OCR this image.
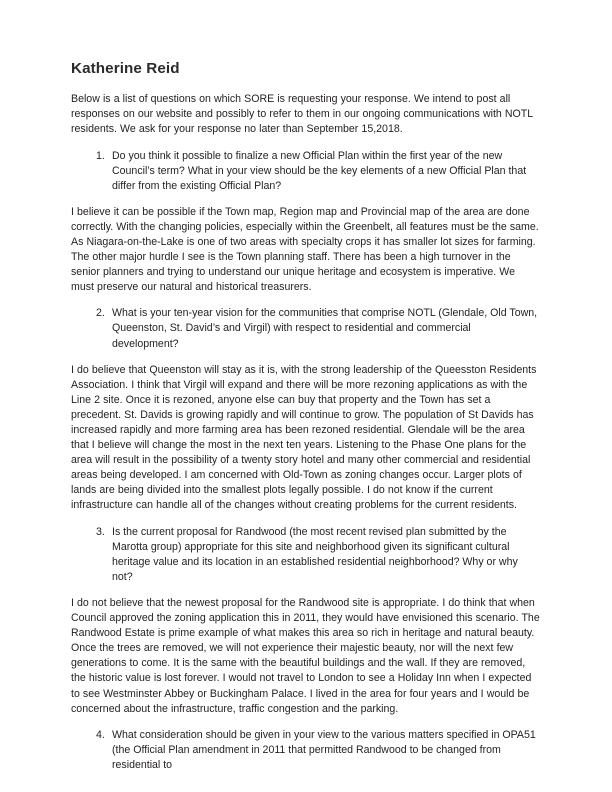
Katherine Reid

Below is a list of questions on which SORE is requesting your response. We intend to post all responses on our website and possibly to refer to them in our ongoing communications with NOTL residents. We ask for your response no later than September 15,2018.

1. Do you think it possible to finalize a new Official Plan within the first year of the new Council’s term? What in your view should be the key elements of a new Official Plan that differ from the existing Official Plan?

I believe it can be possible if the Town map, Region map and Provincial map of the area are done correctly. With the changing policies, especially within the Greenbelt, all features must be the same. As Niagara-on-the-Lake is one of two areas with specialty crops it has smaller lot sizes for farming. The other major hurdle I see is the Town planning staff. There has been a high turnover in the senior planners and trying to understand our unique heritage and ecosystem is imperative. We must preserve our natural and historical treasurers.

2. What is your ten-year vision for the communities that comprise NOTL (Glendale, Old Town, Queenston, St. David’s and Virgil) with respect to residential and commercial development?

I do believe that Queenston will stay as it is, with the strong leadership of the Queesston Residents Association. I think that Virgil will expand and there will be more rezoning applications as with the Line 2 site. Once it is rezoned, anyone else can buy that property and the Town has set a precedent. St. Davids is growing rapidly and will continue to grow. The population of St Davids has increased rapidly and more farming area has been rezoned residential. Glendale will be the area that I believe will change the most in the next ten years. Listening to the Phase One plans for the area will result in the possibility of a twenty story hotel and many other commercial and residential areas being developed. I am concerned with Old-Town as zoning changes occur. Larger plots of lands are being divided into the smallest plots legally possible. I do not know if the current infrastructure can handle all of the changes without creating problems for the current residents.

3. Is the current proposal for Randwood (the most recent revised plan submitted by the Marotta group) appropriate for this site and neighborhood given its significant cultural heritage value and its location in an established residential neighborhood? Why or why not?

I do not believe that the newest proposal for the Randwood site is appropriate. I do think that when Council approved the zoning application this in 2011, they would have envisioned this scenario. The Randwood Estate is prime example of what makes this area so rich in heritage and natural beauty. Once the trees are removed, we will not experience their majestic beauty, nor will the next few generations to come. It is the same with the beautiful buildings and the wall. If they are removed, the historic value is lost forever. I would not travel to London to see a Holiday Inn when I expected to see Westminster Abbey or Buckingham Palace. I lived in the area for four years and I would be concerned about the infrastructure, traffic congestion and the parking.

4. What consideration should be given in your view to the various matters specified in OPA51 (the Official Plan amendment in 2011 that permitted Randwood to be changed from residential to
